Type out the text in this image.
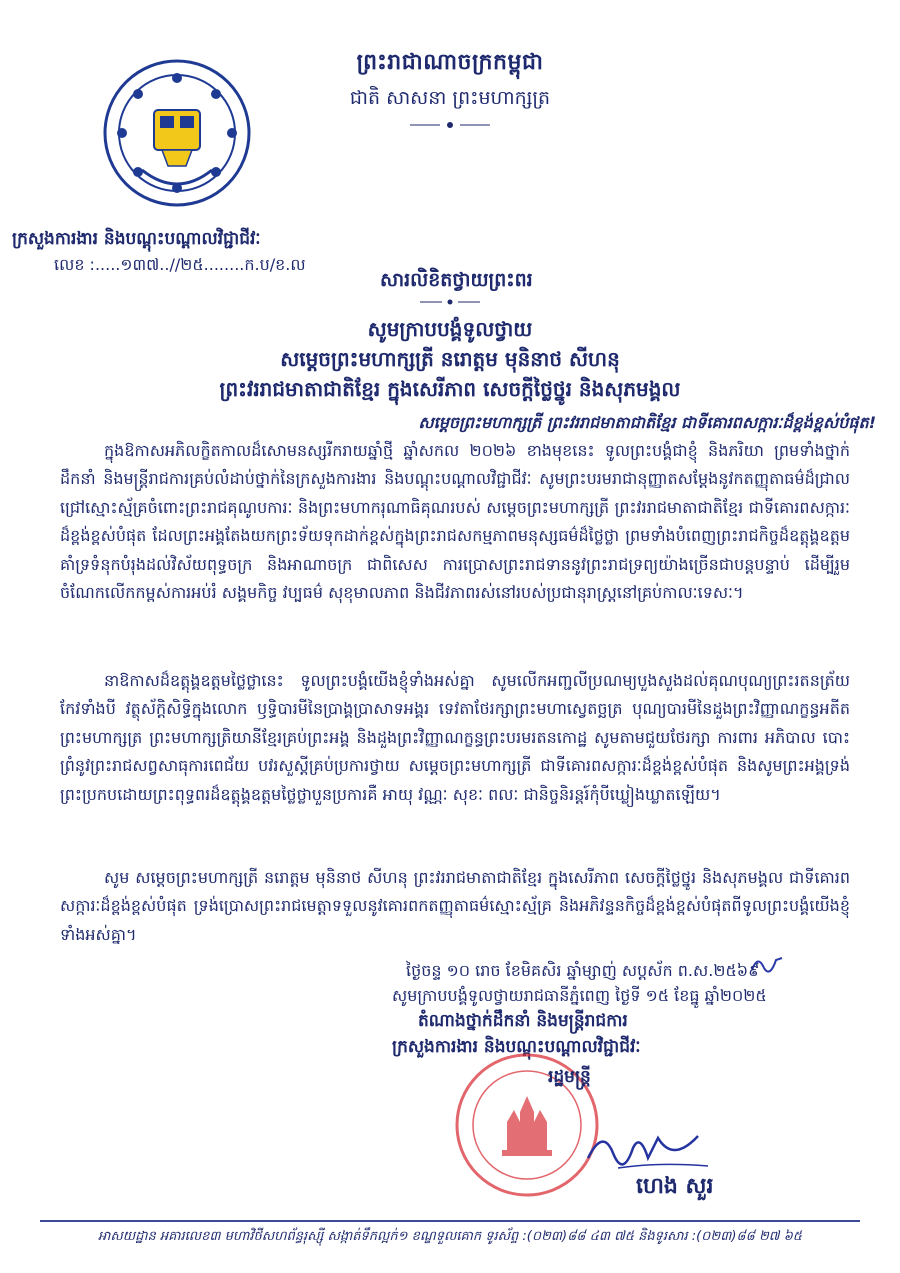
ព្រះរាជាណាចក្រកម្ពុជា
ជាតិ សាសនា ព្រះមហាក្សត្រ
ក្រសួងការងារ និងបណ្តុះបណ្តាលវិជ្ជាជីវៈ
លេខ :.....១៣៧..//២៥........ក.ប/ខ.ល
សារលិខិតថ្វាយព្រះពរ
សូមក្រាបបង្គំទូលថ្វាយ
សម្តេចព្រះមហាក្សត្រី នរោត្តម មុនិនាថ សីហនុ
ព្រះវររាជមាតាជាតិខ្មែរ ក្នុងសេរីភាព សេចក្តីថ្លៃថ្នូរ និងសុភមង្គល
សម្តេចព្រះមហាក្សត្រី ព្រះវររាជមាតាជាតិខ្មែរ ជាទីគោរពសក្ការៈដ៏ខ្ពង់ខ្ពស់បំផុត!
ក្នុងឱកាសអភិលក្ខិតកាលដ៏សោមនស្សរីករាយឆ្នាំថ្មី ឆ្នាំសកល ២០២៦ ខាងមុខនេះ ទូលព្រះបង្គំជាខ្ញុំ និងភរិយា ព្រមទាំងថ្នាក់ដឹកនាំ និងមន្ត្រីរាជការគ្រប់លំដាប់ថ្នាក់នៃក្រសួងការងារ និងបណ្តុះបណ្តាលវិជ្ជាជីវៈ សូមព្រះបរមរាជានុញ្ញាតសម្តែងនូវកតញ្ញុតាធម៌ដ៏ជ្រាលជ្រៅស្មោះស្ម័គ្រចំពោះព្រះរាជគុណូបការៈ និងព្រះមហាករុណាធិគុណរបស់ សម្តេចព្រះមហាក្សត្រី ព្រះវររាជមាតាជាតិខ្មែរ ជាទីគោរពសក្ការៈដ៏ខ្ពង់ខ្ពស់បំផុត ដែលព្រះអង្គតែងយកព្រះទ័យទុកដាក់ខ្ពស់ក្នុងព្រះរាជសកម្មភាពមនុស្សធម៌ដ៏ថ្លៃថ្លា ព្រមទាំងបំពេញព្រះរាជកិច្ចដ៏ឧត្តុង្គឧត្តមគាំទ្រទំនុកបំរុងដល់វិស័យពុទ្ធចក្រ និងអាណាចក្រ ជាពិសេស ការប្រោសព្រះរាជទាននូវព្រះរាជទ្រព្យយ៉ាងច្រើនជាបន្តបន្ទាប់ ដើម្បីរួមចំណែកលើកកម្ពស់ការអប់រំ សង្គមកិច្ច វប្បធម៌ សុខុមាលភាព និងជីវភាពរស់នៅរបស់ប្រជានុរាស្ត្រនៅគ្រប់កាលៈទេសៈ។
នាឱកាសដ៏ឧត្តុង្គឧត្តមថ្លៃថ្លានេះ ទូលព្រះបង្គំយើងខ្ញុំទាំងអស់គ្នា សូមលើកអញ្ជលីប្រណម្យបួងសួងដល់គុណបុណ្យព្រះរតនត្រ័យ កែវទាំងបី វត្ថុស័ក្តិសិទ្ធិក្នុងលោក ឫទ្ធិបារមីនៃប្រាង្គប្រាសាទអង្គរ ទេវតាថែរក្សាព្រះមហាស្វេតច្ឆត្រ បុណ្យបារមីនៃដួងព្រះវិញ្ញាណក្ខន្ធអតីតព្រះមហាក្សត្រ ព្រះមហាក្សត្រិយានីខ្មែរគ្រប់ព្រះអង្គ និងដួងព្រះវិញ្ញាណក្ខន្ធព្រះបរមរតនកោដ្ឋ សូមតាមជួយថែរក្សា ការពារ អភិបាល បោះព្រំនូវព្រះរាជសព្វសាធុការពេជ័យ បវរសួស្តីគ្រប់ប្រការថ្វាយ សម្តេចព្រះមហាក្សត្រី ជាទីគោរពសក្ការៈដ៏ខ្ពង់ខ្ពស់បំផុត និងសូមព្រះអង្គទ្រង់ព្រះប្រកបដោយព្រះពុទ្ធពរដ៏ឧត្តុង្គឧត្តមថ្លៃថ្លាបួនប្រការគឺ អាយុ វណ្ណៈ សុខៈ ពលៈ ជានិច្ចនិរន្តរ៍កុំបីឃ្លៀងឃ្លាតឡើយ។
សូម សម្តេចព្រះមហាក្សត្រី នរោត្តម មុនិនាថ សីហនុ ព្រះវររាជមាតាជាតិខ្មែរ ក្នុងសេរីភាព សេចក្តីថ្លៃថ្នូរ និងសុភមង្គល ជាទីគោរពសក្ការៈដ៏ខ្ពង់ខ្ពស់បំផុត ទ្រង់ប្រោសព្រះរាជមេត្តាទទួលនូវគោរពកតញ្ញុតាធម៌ស្មោះស្ម័គ្រ និងអភិវន្ទនកិច្ចដ៏ខ្ពង់ខ្ពស់បំផុតពីទូលព្រះបង្គំយើងខ្ញុំទាំងអស់គ្នា។
ថ្ងៃចន្ទ ១០ រោច ខែមិគសិរ ឆ្នាំម្សាញ់ សប្តស័ក ព.ស.២៥៦៩
សូមក្រាបបង្គំទូលថ្វាយរាជធានីភ្នំពេញ ថ្ងៃទី ១៥ ខែធ្នូ ឆ្នាំ២០២៥
តំណាងថ្នាក់ដឹកនាំ និងមន្ត្រីរាជការ
ក្រសួងការងារ និងបណ្តុះបណ្តាលវិជ្ជាជីវៈ
រដ្ឋមន្ត្រី
ហេង សួរ
អាសយដ្ឋាន អគារលេខ៣ មហាវិថីសហព័ន្ធរុស្ស៊ី សង្កាត់ទឹកល្អក់១ ខណ្ឌទួលគោក ទូរស័ព្ទ :(០២៣)៨៨ ៤៣ ៧៥ និងទូរសារ :(០២៣)៨៨ ២៧ ៦៥
